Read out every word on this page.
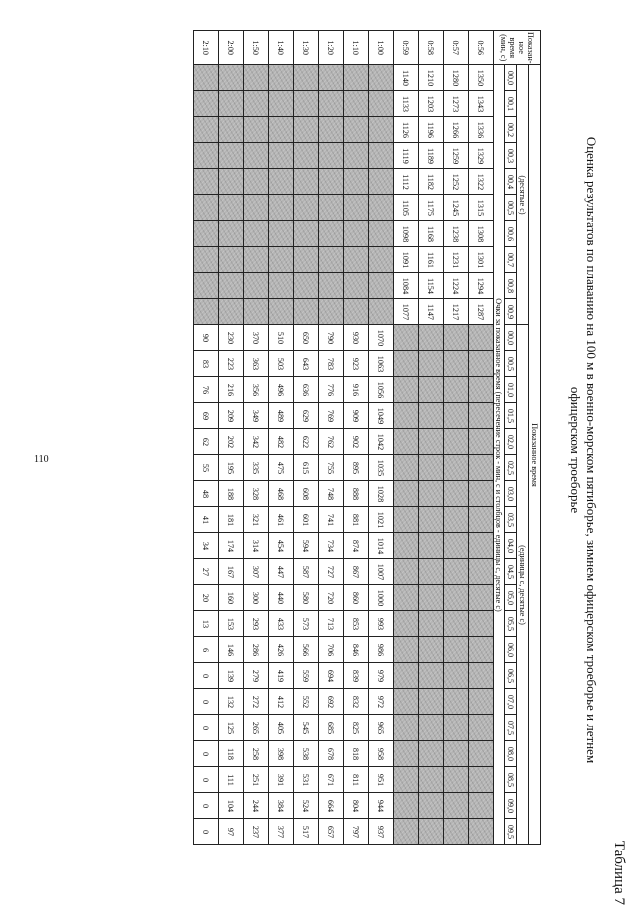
110
Таблица 7
Оценка результатов по плаванию на 100 м в военно-морском пятиборье, зимнем офицерском троеборье и летнем
офицерском троеборье
Показан-ное время (мин, с)	Показанное время																													
	(десятые с)										(единицы с, десятые с)																			
	00,0	00,1	00,2	00,3	00,4	00,5	00,6	00,7	00,8	00,9	00,0	00,5	01,0	01,5	02,0	02,5	03,0	03,5	04,0	04,5	05,0	05,5	06,0	06,5	07,0	07,5	08,0	08,5	09,0	09,5
	Очки за показанное время (пересечение строк - мин, с и столбцов - единицы с, десятые с)																													
0:56	1350	1343	1336	1329	1322	1315	1308	1301	1294	1287																				
0:57	1280	1273	1266	1259	1252	1245	1238	1231	1224	1217																				
0:58	1210	1203	1196	1189	1182	1175	1168	1161	1154	1147																				
0:59	1140	1133	1126	1119	1112	1105	1098	1091	1084	1077																				
1:00											1070	1063	1056	1049	1042	1035	1028	1021	1014	1007	1000	993	986	979	972	965	958	951	944	937
1:10											930	923	916	909	902	895	888	881	874	867	860	853	846	839	832	825	818	811	804	797
1:20											790	783	776	769	762	755	748	741	734	727	720	713	706	694	692	685	678	671	664	657
1:30											650	643	636	629	622	615	608	601	594	587	580	573	566	559	552	545	538	531	524	517
1:40											510	503	496	489	482	475	468	461	454	447	440	433	426	419	412	405	398	391	384	377
1:50											370	363	356	349	342	335	328	321	314	307	300	293	286	279	272	265	258	251	244	237
2:00											230	223	216	209	202	195	188	181	174	167	160	153	146	139	132	125	118	111	104	97
2:10											90	83	76	69	62	55	48	41	34	27	20	13	6	0	0	0	0	0	0	0
